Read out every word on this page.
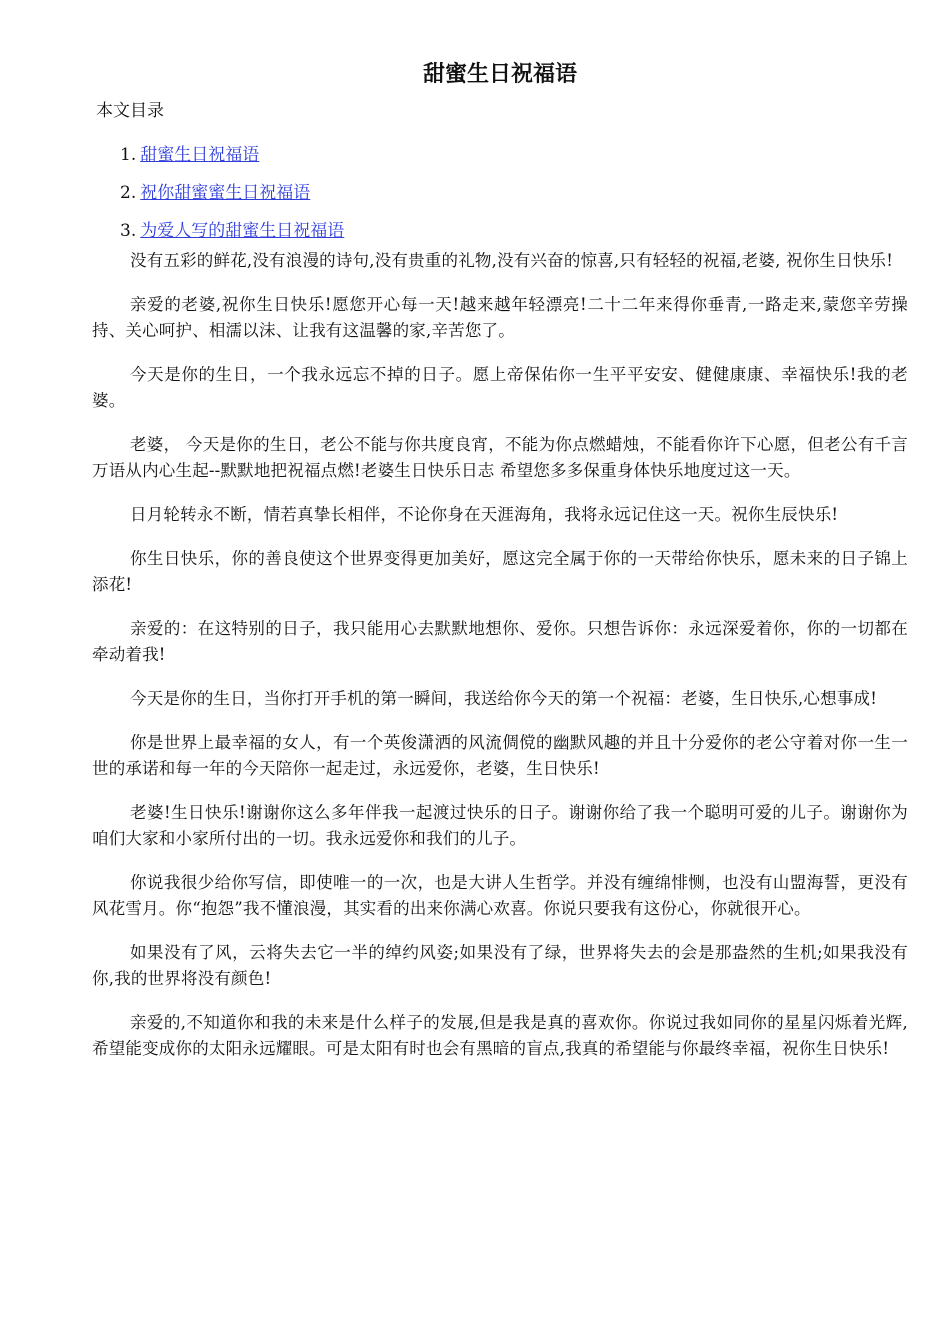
甜蜜生日祝福语
本文目录
1. 甜蜜生日祝福语
2. 祝你甜蜜蜜生日祝福语
3. 为爱人写的甜蜜生日祝福语

没有五彩的鲜花,没有浪漫的诗句,没有贵重的礼物,没有兴奋的惊喜,只有轻轻的祝福,老婆, 祝你生日快乐!

亲爱的老婆,祝你生日快乐!愿您开心每一天!越来越年轻漂亮!二十二年来得你垂青,一路走来,蒙您辛劳操持、关心呵护、相濡以沫、让我有这温馨的家,辛苦您了。

今天是你的生日，一个我永远忘不掉的日子。愿上帝保佑你一生平平安安、健健康康、幸福快乐!我的老婆。

老婆， 今天是你的生日，老公不能与你共度良宵，不能为你点燃蜡烛，不能看你许下心愿，但老公有千言万语从内心生起--默默地把祝福点燃!老婆生日快乐日志 希望您多多保重身体快乐地度过这一天。

日月轮转永不断，情若真挚长相伴，不论你身在天涯海角，我将永远记住这一天。祝你生辰快乐!

你生日快乐，你的善良使这个世界变得更加美好，愿这完全属于你的一天带给你快乐，愿未来的日子锦上添花!

亲爱的：在这特别的日子，我只能用心去默默地想你、爱你。只想告诉你：永远深爱着你，你的一切都在牵动着我!

今天是你的生日，当你打开手机的第一瞬间，我送给你今天的第一个祝福：老婆，生日快乐,心想事成!

你是世界上最幸福的女人，有一个英俊潇洒的风流倜傥的幽默风趣的并且十分爱你的老公守着对你一生一世的承诺和每一年的今天陪你一起走过，永远爱你，老婆，生日快乐!

老婆!生日快乐!谢谢你这么多年伴我一起渡过快乐的日子。谢谢你给了我一个聪明可爱的儿子。谢谢你为咱们大家和小家所付出的一切。我永远爱你和我们的儿子。

你说我很少给你写信，即使唯一的一次，也是大讲人生哲学。并没有缠绵悱恻，也没有山盟海誓，更没有风花雪月。你“抱怨”我不懂浪漫，其实看的出来你满心欢喜。你说只要我有这份心，你就很开心。

如果没有了风，云将失去它一半的绰约风姿;如果没有了绿，世界将失去的会是那盎然的生机;如果我没有你,我的世界将没有颜色!

亲爱的,不知道你和我的未来是什么样子的发展,但是我是真的喜欢你。你说过我如同你的星星闪烁着光辉,希望能变成你的太阳永远耀眼。可是太阳有时也会有黑暗的盲点,我真的希望能与你最终幸福，祝你生日快乐!
